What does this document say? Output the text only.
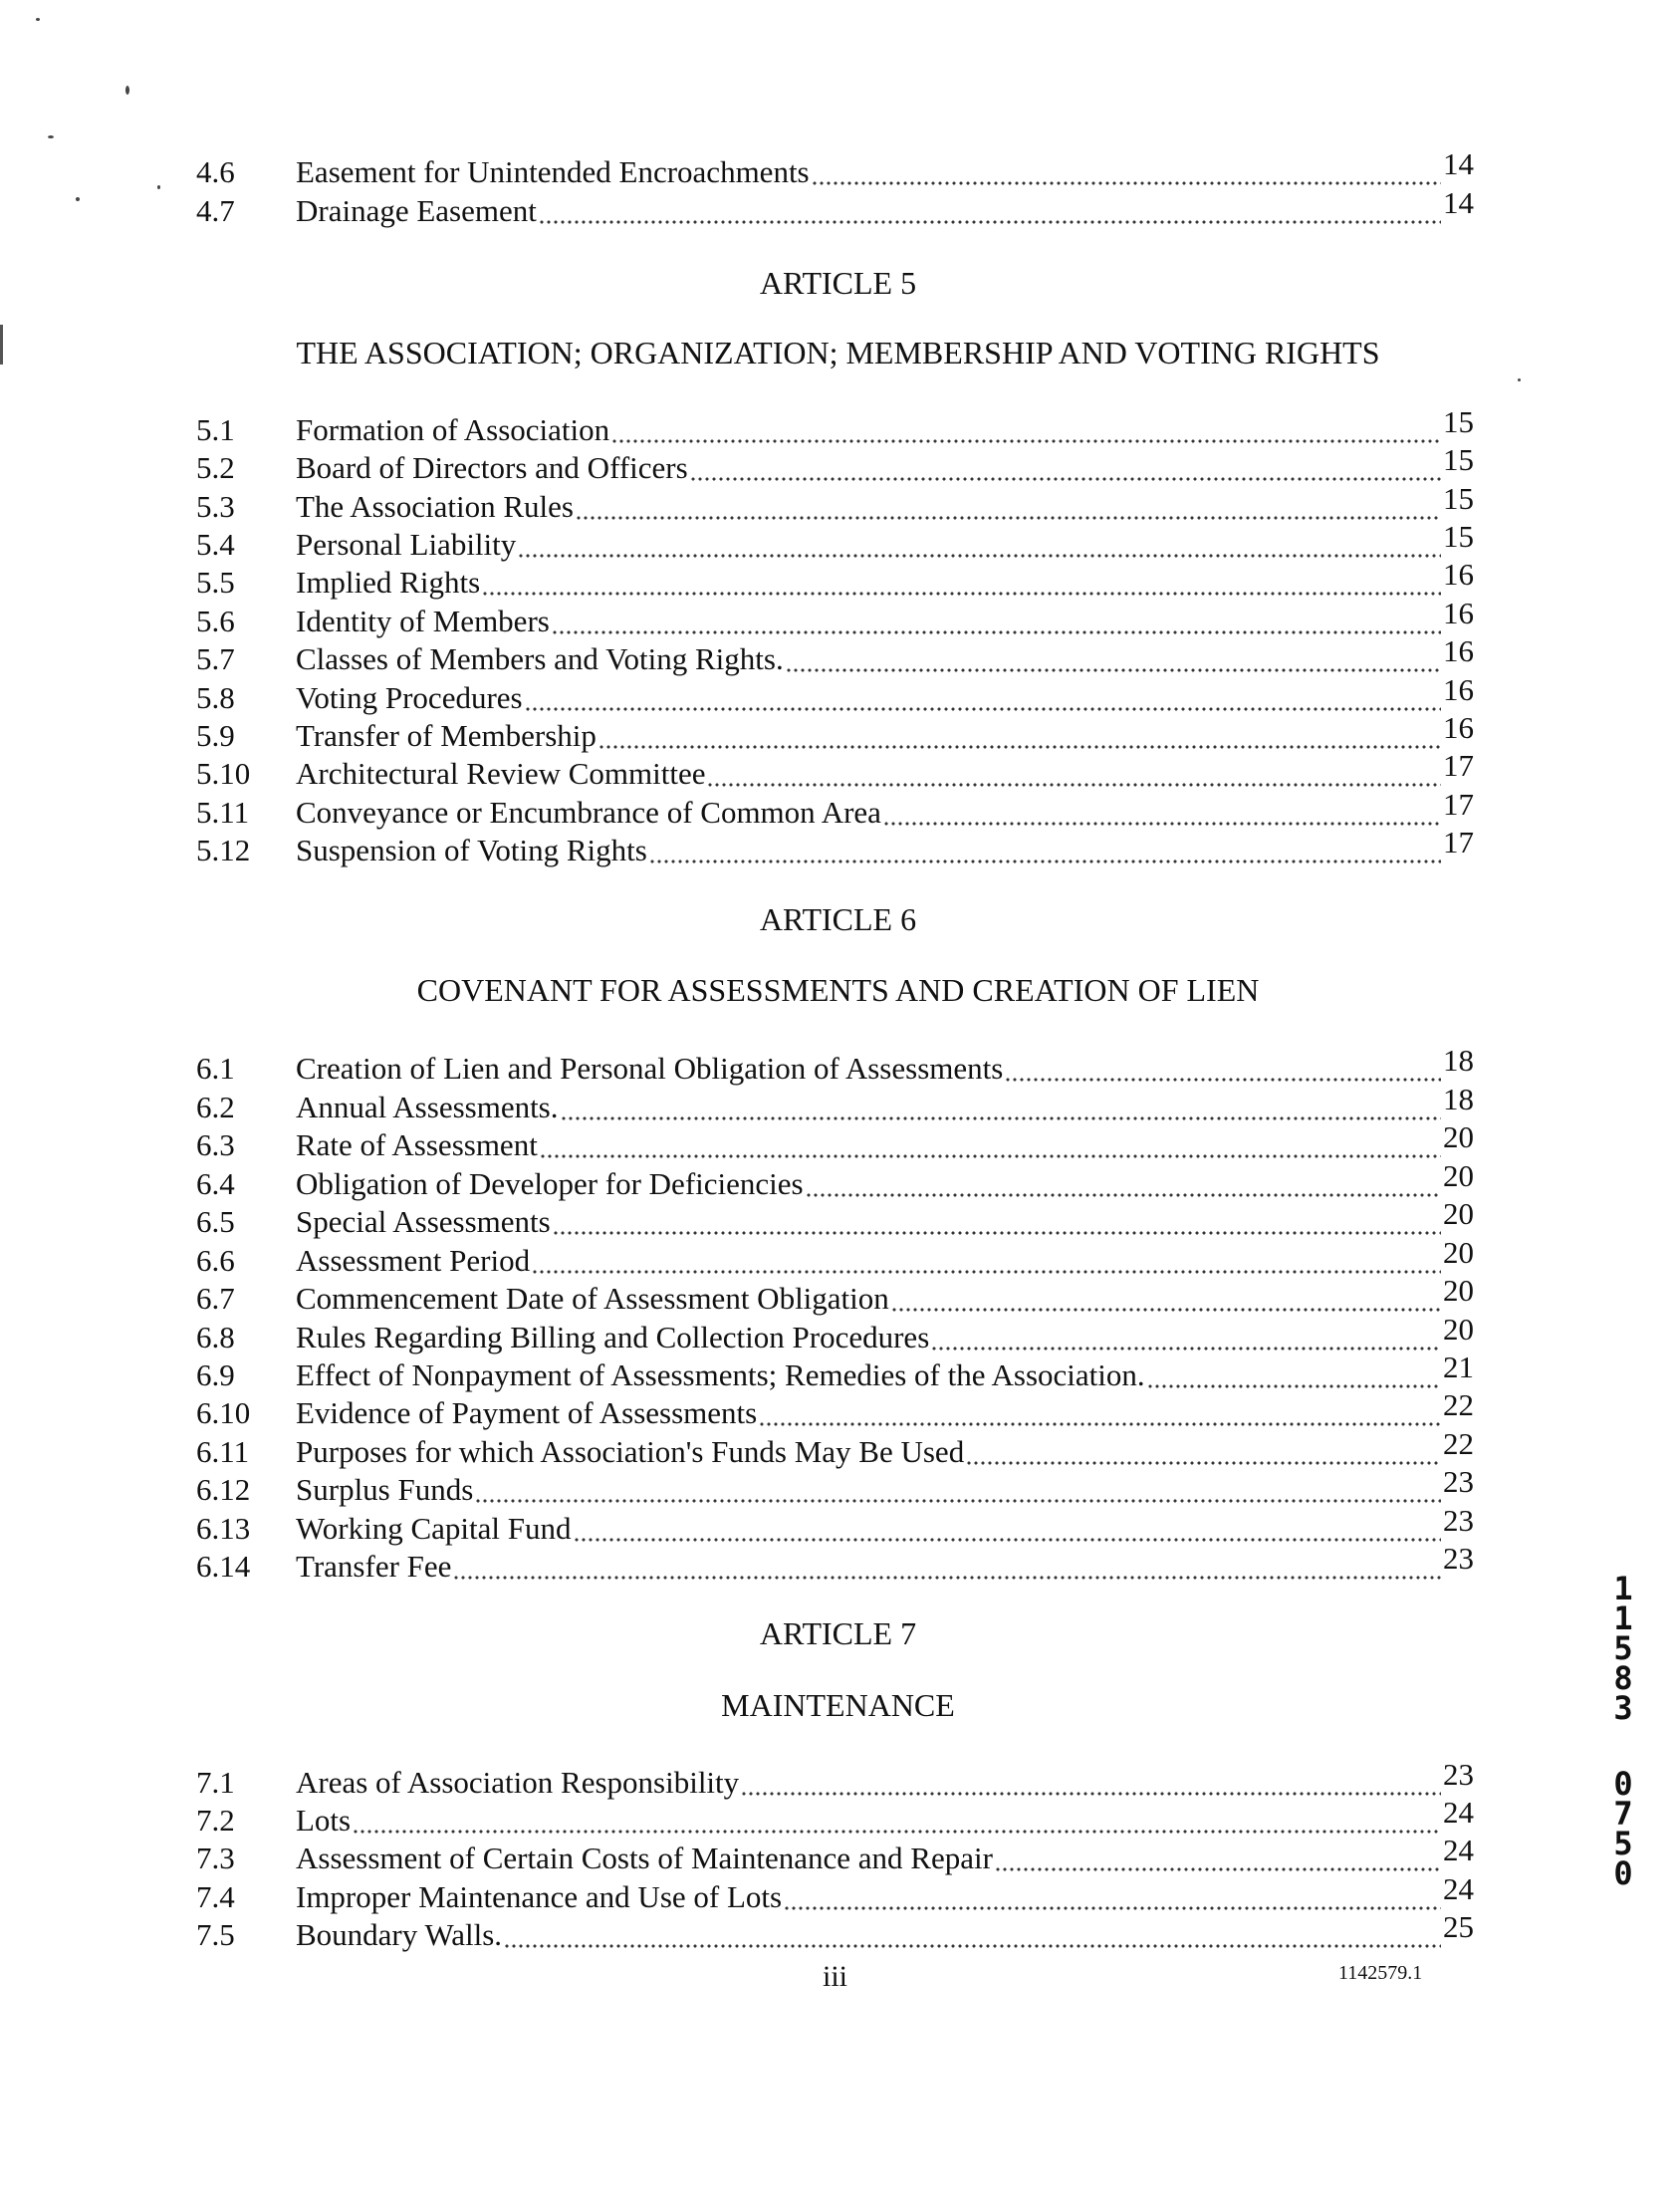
4.6 Easement for Unintended Encroachments	14
4.7 Drainage Easement	14
ARTICLE 5
THE ASSOCIATION; ORGANIZATION; MEMBERSHIP AND VOTING RIGHTS
5.1 Formation of Association	15
5.2 Board of Directors and Officers	15
5.3 The Association Rules	15
5.4 Personal Liability	15
5.5 Implied Rights	16
5.6 Identity of Members	16
5.7 Classes of Members and Voting Rights.	16
5.8 Voting Procedures	16
5.9 Transfer of Membership	16
5.10 Architectural Review Committee	17
5.11 Conveyance or Encumbrance of Common Area	17
5.12 Suspension of Voting Rights	17
ARTICLE 6
COVENANT FOR ASSESSMENTS AND CREATION OF LIEN
6.1 Creation of Lien and Personal Obligation of Assessments	18
6.2 Annual Assessments.	18
6.3 Rate of Assessment	20
6.4 Obligation of Developer for Deficiencies	20
6.5 Special Assessments	20
6.6 Assessment Period	20
6.7 Commencement Date of Assessment Obligation	20
6.8 Rules Regarding Billing and Collection Procedures	20
6.9 Effect of Nonpayment of Assessments; Remedies of the Association.	21
6.10 Evidence of Payment of Assessments	22
6.11 Purposes for which Association's Funds May Be Used	22
6.12 Surplus Funds	23
6.13 Working Capital Fund	23
6.14 Transfer Fee	23
ARTICLE 7
MAINTENANCE
7.1 Areas of Association Responsibility	23
7.2 Lots	24
7.3 Assessment of Certain Costs of Maintenance and Repair	24
7.4 Improper Maintenance and Use of Lots	24
7.5 Boundary Walls.	25
iii	1142579.1
1
1
5
8
3
0
7
5
0
